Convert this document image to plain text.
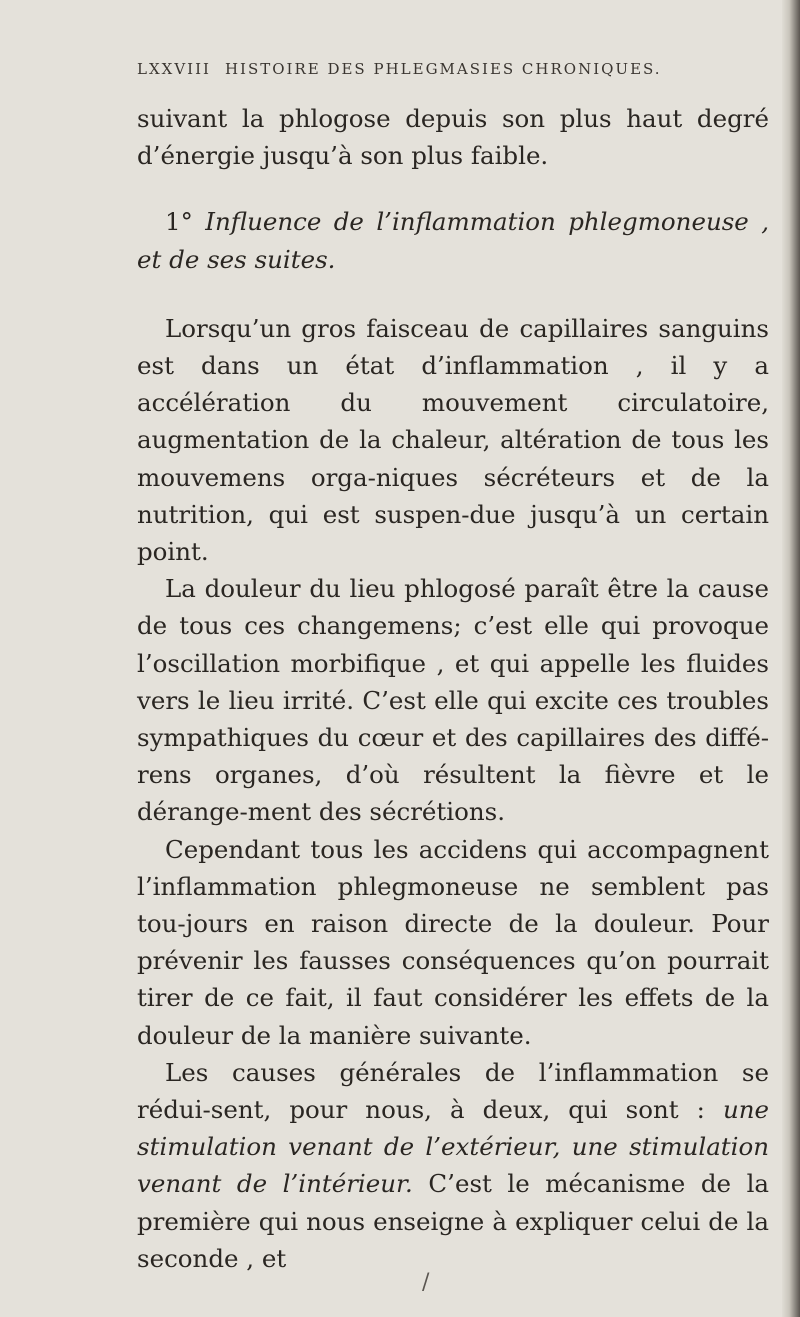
LXXVIII HISTOIRE DES PHLEGMASIES CHRONIQUES.

suivant la phlogose depuis son plus haut degré d’énergie jusqu’à son plus faible.

1° Influence de l’inflammation phlegmoneuse , et de ses suites.

Lorsqu’un gros faisceau de capillaires sanguins est dans un état d’inflammation , il y a accélération du mouvement circulatoire, augmentation de la chaleur, altération de tous les mouvemens orga-niques sécréteurs et de la nutrition, qui est suspen-due jusqu’à un certain point.

La douleur du lieu phlogosé paraît être la cause de tous ces changemens; c’est elle qui provoque l’oscillation morbifique , et qui appelle les fluides vers le lieu irrité. C’est elle qui excite ces troubles sympathiques du cœur et des capillaires des diffé-rens organes, d’où résultent la fièvre et le dérange-ment des sécrétions.

Cependant tous les accidens qui accompagnent l’inflammation phlegmoneuse ne semblent pas tou-jours en raison directe de la douleur. Pour prévenir les fausses conséquences qu’on pourrait tirer de ce fait, il faut considérer les effets de la douleur de la manière suivante.

Les causes générales de l’inflammation se rédui-sent, pour nous, à deux, qui sont : une stimulation venant de l’extérieur, une stimulation venant de l’intérieur. C’est le mécanisme de la première qui nous enseigne à expliquer celui de la seconde , et

/
